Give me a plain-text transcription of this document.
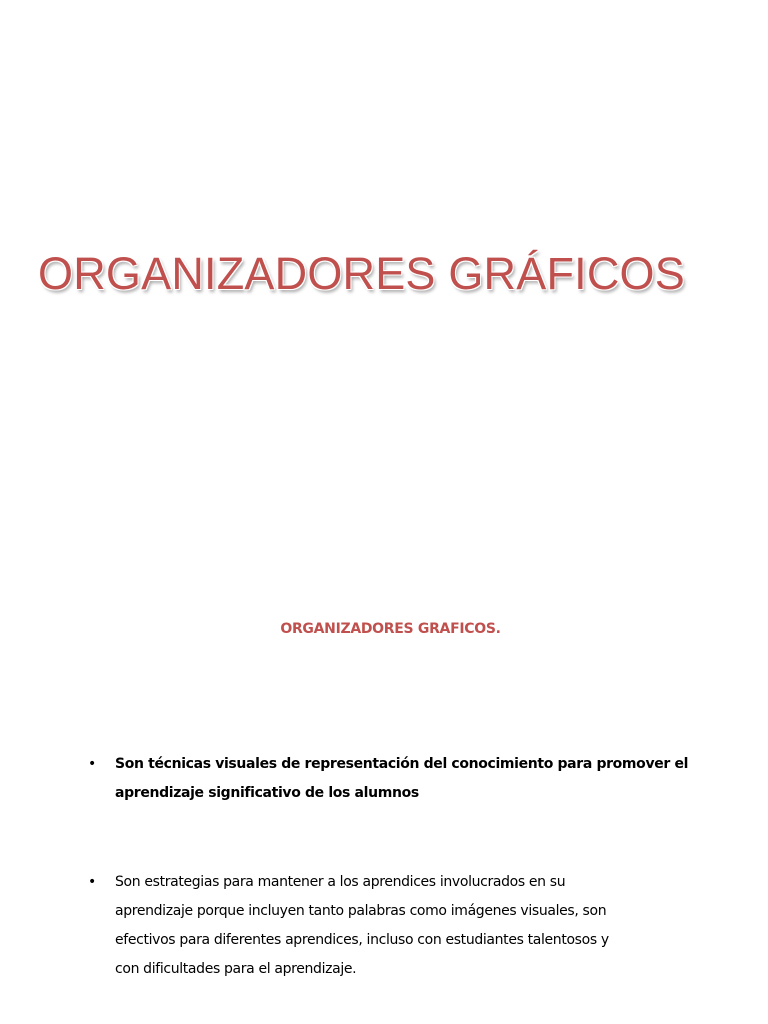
ORGANIZADORES GRÁFICOS
ORGANIZADORES GRAFICOS.
• Son técnicas visuales de representación del conocimiento para promover el
aprendizaje significativo de los alumnos

• Son estrategias para mantener a los aprendices involucrados en su
aprendizaje porque incluyen tanto palabras como imágenes visuales, son
efectivos para diferentes aprendices, incluso con estudiantes talentosos y
con dificultades para el aprendizaje.
